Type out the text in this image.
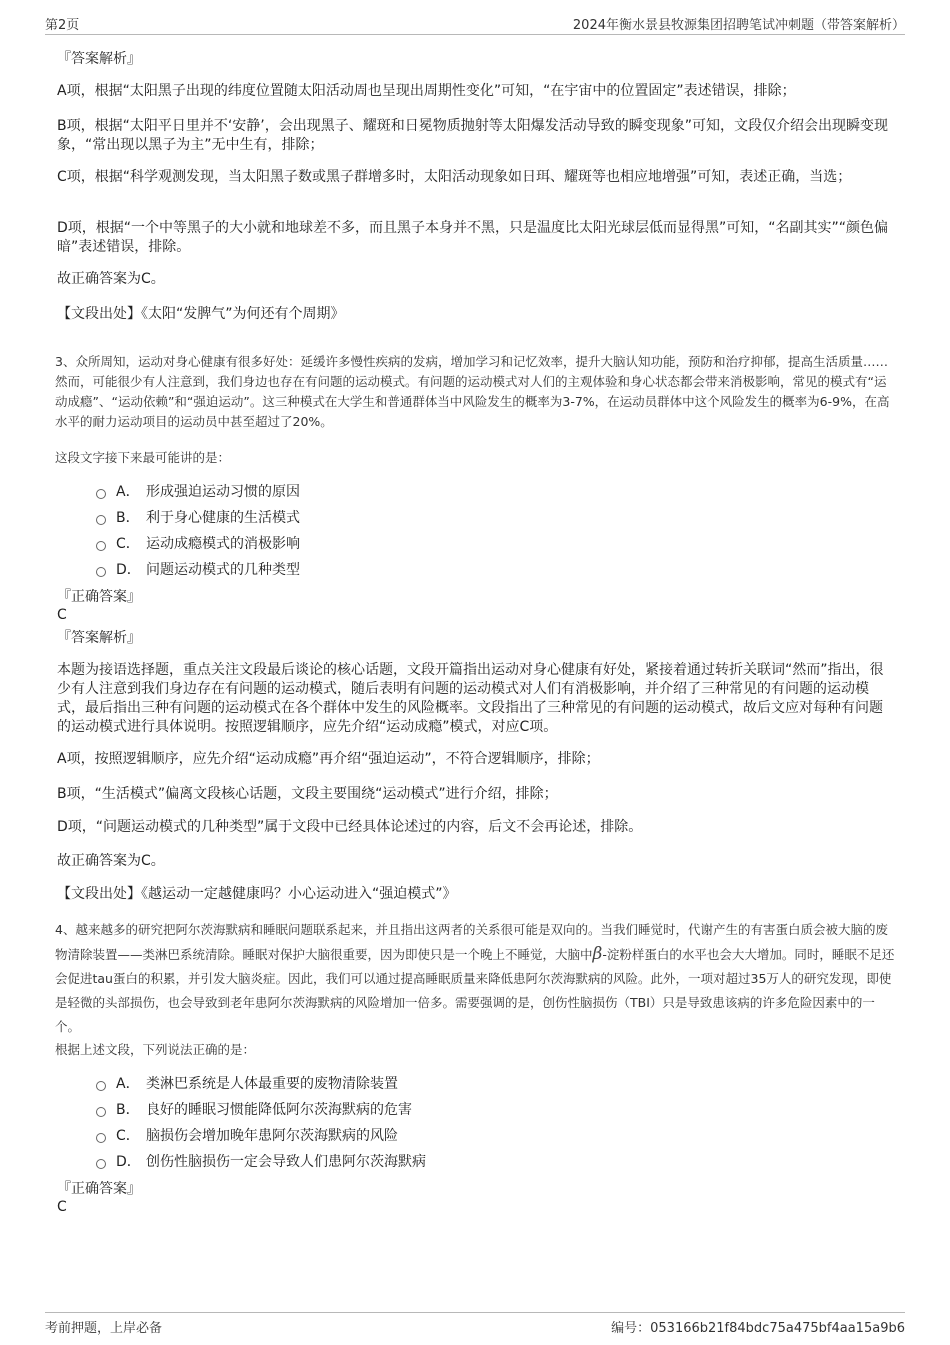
第2页	2024年衡水景县牧源集团招聘笔试冲刺题（带答案解析）

『答案解析』

A项，根据“太阳黑子出现的纬度位置随太阳活动周也呈现出周期性变化”可知，“在宇宙中的位置固定”表述错误，排除；

B项，根据“太阳平日里并不‘安静’，会出现黑子、耀斑和日冕物质抛射等太阳爆发活动导致的瞬变现象”可知，文段仅介绍会出现瞬变现象，“常出现以黑子为主”无中生有，排除；

C项，根据“科学观测发现，当太阳黑子数或黑子群增多时，太阳活动现象如日珥、耀斑等也相应地增强”可知，表述正确，当选；

D项，根据“一个中等黑子的大小就和地球差不多，而且黑子本身并不黑，只是温度比太阳光球层低而显得黑”可知，“名副其实”“颜色偏暗”表述错误，排除。

故正确答案为C。

【文段出处】《太阳“发脾气”为何还有个周期》

3、众所周知，运动对身心健康有很多好处：延缓许多慢性疾病的发病，增加学习和记忆效率，提升大脑认知功能，预防和治疗抑郁，提高生活质量……然而，可能很少有人注意到，我们身边也存在有问题的运动模式。有问题的运动模式对人们的主观体验和身心状态都会带来消极影响，常见的模式有“运动成瘾”、“运动依赖”和“强迫运动”。这三种模式在大学生和普通群体当中风险发生的概率为3-7%，在运动员群体中这个风险发生的概率为6-9%，在高水平的耐力运动项目的运动员中甚至超过了20%。

这段文字接下来最可能讲的是：

A． 形成强迫运动习惯的原因
B． 利于身心健康的生活模式
C． 运动成瘾模式的消极影响
D． 问题运动模式的几种类型

『正确答案』

C

『答案解析』

本题为接语选择题，重点关注文段最后谈论的核心话题，文段开篇指出运动对身心健康有好处，紧接着通过转折关联词“然而”指出，很少有人注意到我们身边存在有问题的运动模式，随后表明有问题的运动模式对人们有消极影响，并介绍了三种常见的有问题的运动模式，最后指出三种有问题的运动模式在各个群体中发生的风险概率。文段指出了三种常见的有问题的运动模式，故后文应对每种有问题的运动模式进行具体说明。按照逻辑顺序，应先介绍“运动成瘾”模式，对应C项。

A项，按照逻辑顺序，应先介绍“运动成瘾”再介绍“强迫运动”，不符合逻辑顺序，排除；

B项，“生活模式”偏离文段核心话题，文段主要围绕“运动模式”进行介绍，排除；

D项，“问题运动模式的几种类型”属于文段中已经具体论述过的内容，后文不会再论述，排除。

故正确答案为C。

【文段出处】《越运动一定越健康吗？小心运动进入“强迫模式”》

4、越来越多的研究把阿尔茨海默病和睡眠问题联系起来，并且指出这两者的关系很可能是双向的。当我们睡觉时，代谢产生的有害蛋白质会被大脑的废物清除装置——类淋巴系统清除。睡眠对保护大脑很重要，因为即使只是一个晚上不睡觉，大脑中β-淀粉样蛋白的水平也会大大增加。同时，睡眠不足还会促进tau蛋白的积累，并引发大脑炎症。因此，我们可以通过提高睡眠质量来降低患阿尔茨海默病的风险。此外，一项对超过35万人的研究发现，即使是轻微的头部损伤，也会导致到老年患阿尔茨海默病的风险增加一倍多。需要强调的是，创伤性脑损伤（TBI）只是导致患该病的许多危险因素中的一个。

根据上述文段，下列说法正确的是：

A． 类淋巴系统是人体最重要的废物清除装置
B． 良好的睡眠习惯能降低阿尔茨海默病的危害
C． 脑损伤会增加晚年患阿尔茨海默病的风险
D． 创伤性脑损伤一定会导致人们患阿尔茨海默病

『正确答案』

C

考前押题，上岸必备	编号：053166b21f84bdc75a475bf4aa15a9b6
